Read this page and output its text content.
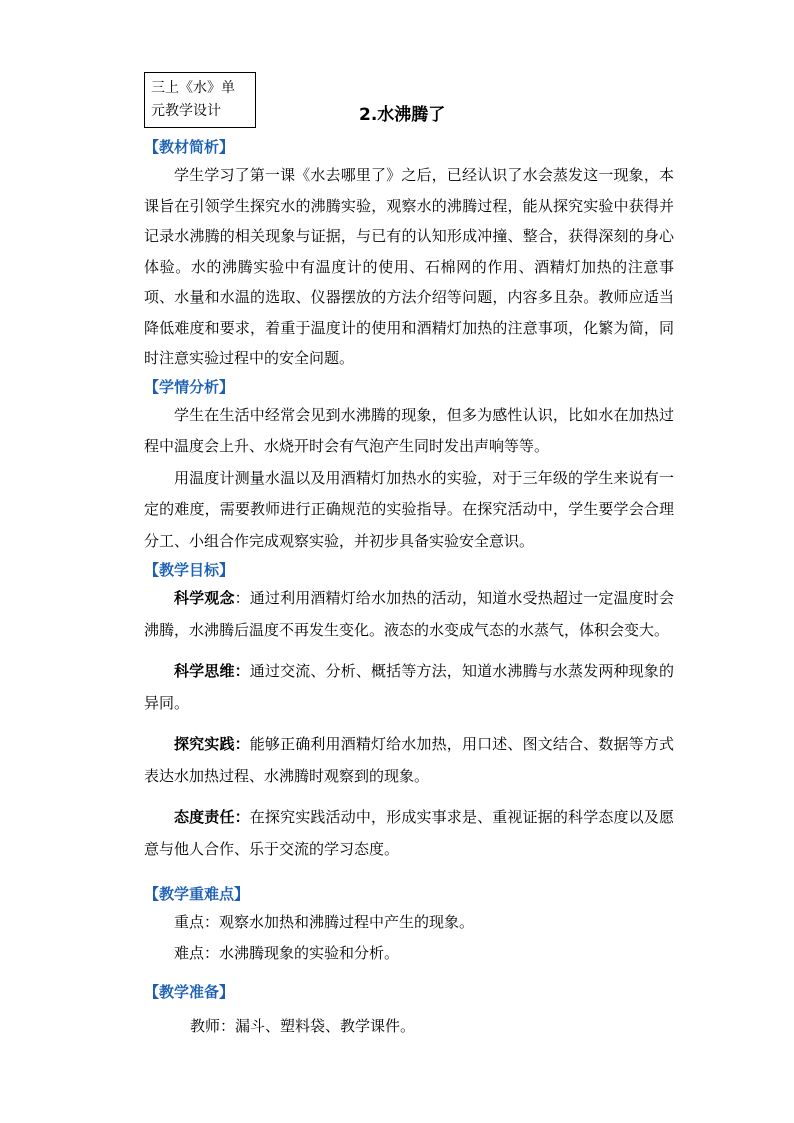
三上《水》单
元教学设计	2.水沸腾了
【教材简析】

学生学习了第一课《水去哪里了》之后，已经认识了水会蒸发这一现象，本课旨在引领学生探究水的沸腾实验，观察水的沸腾过程，能从探究实验中获得并记录水沸腾的相关现象与证据，与已有的认知形成冲撞、整合，获得深刻的身心体验。水的沸腾实验中有温度计的使用、石棉网的作用、酒精灯加热的注意事项、水量和水温的选取、仪器摆放的方法介绍等问题，内容多且杂。教师应适当降低难度和要求，着重于温度计的使用和酒精灯加热的注意事项，化繁为简，同时注意实验过程中的安全问题。

【学情分析】

学生在生活中经常会见到水沸腾的现象，但多为感性认识，比如水在加热过程中温度会上升、水烧开时会有气泡产生同时发出声响等等。

用温度计测量水温以及用酒精灯加热水的实验，对于三年级的学生来说有一定的难度，需要教师进行正确规范的实验指导。在探究活动中，学生要学会合理分工、小组合作完成观察实验，并初步具备实验安全意识。

【教学目标】

科学观念：通过利用酒精灯给水加热的活动，知道水受热超过一定温度时会沸腾，水沸腾后温度不再发生变化。液态的水变成气态的水蒸气，体积会变大。

科学思维：通过交流、分析、概括等方法，知道水沸腾与水蒸发两种现象的异同。

探究实践：能够正确利用酒精灯给水加热，用口述、图文结合、数据等方式表达水加热过程、水沸腾时观察到的现象。

态度责任：在探究实践活动中，形成实事求是、重视证据的科学态度以及愿意与他人合作、乐于交流的学习态度。

【教学重难点】

重点：观察水加热和沸腾过程中产生的现象。

难点：水沸腾现象的实验和分析。

【教学准备】

教师：漏斗、塑料袋、教学课件。
